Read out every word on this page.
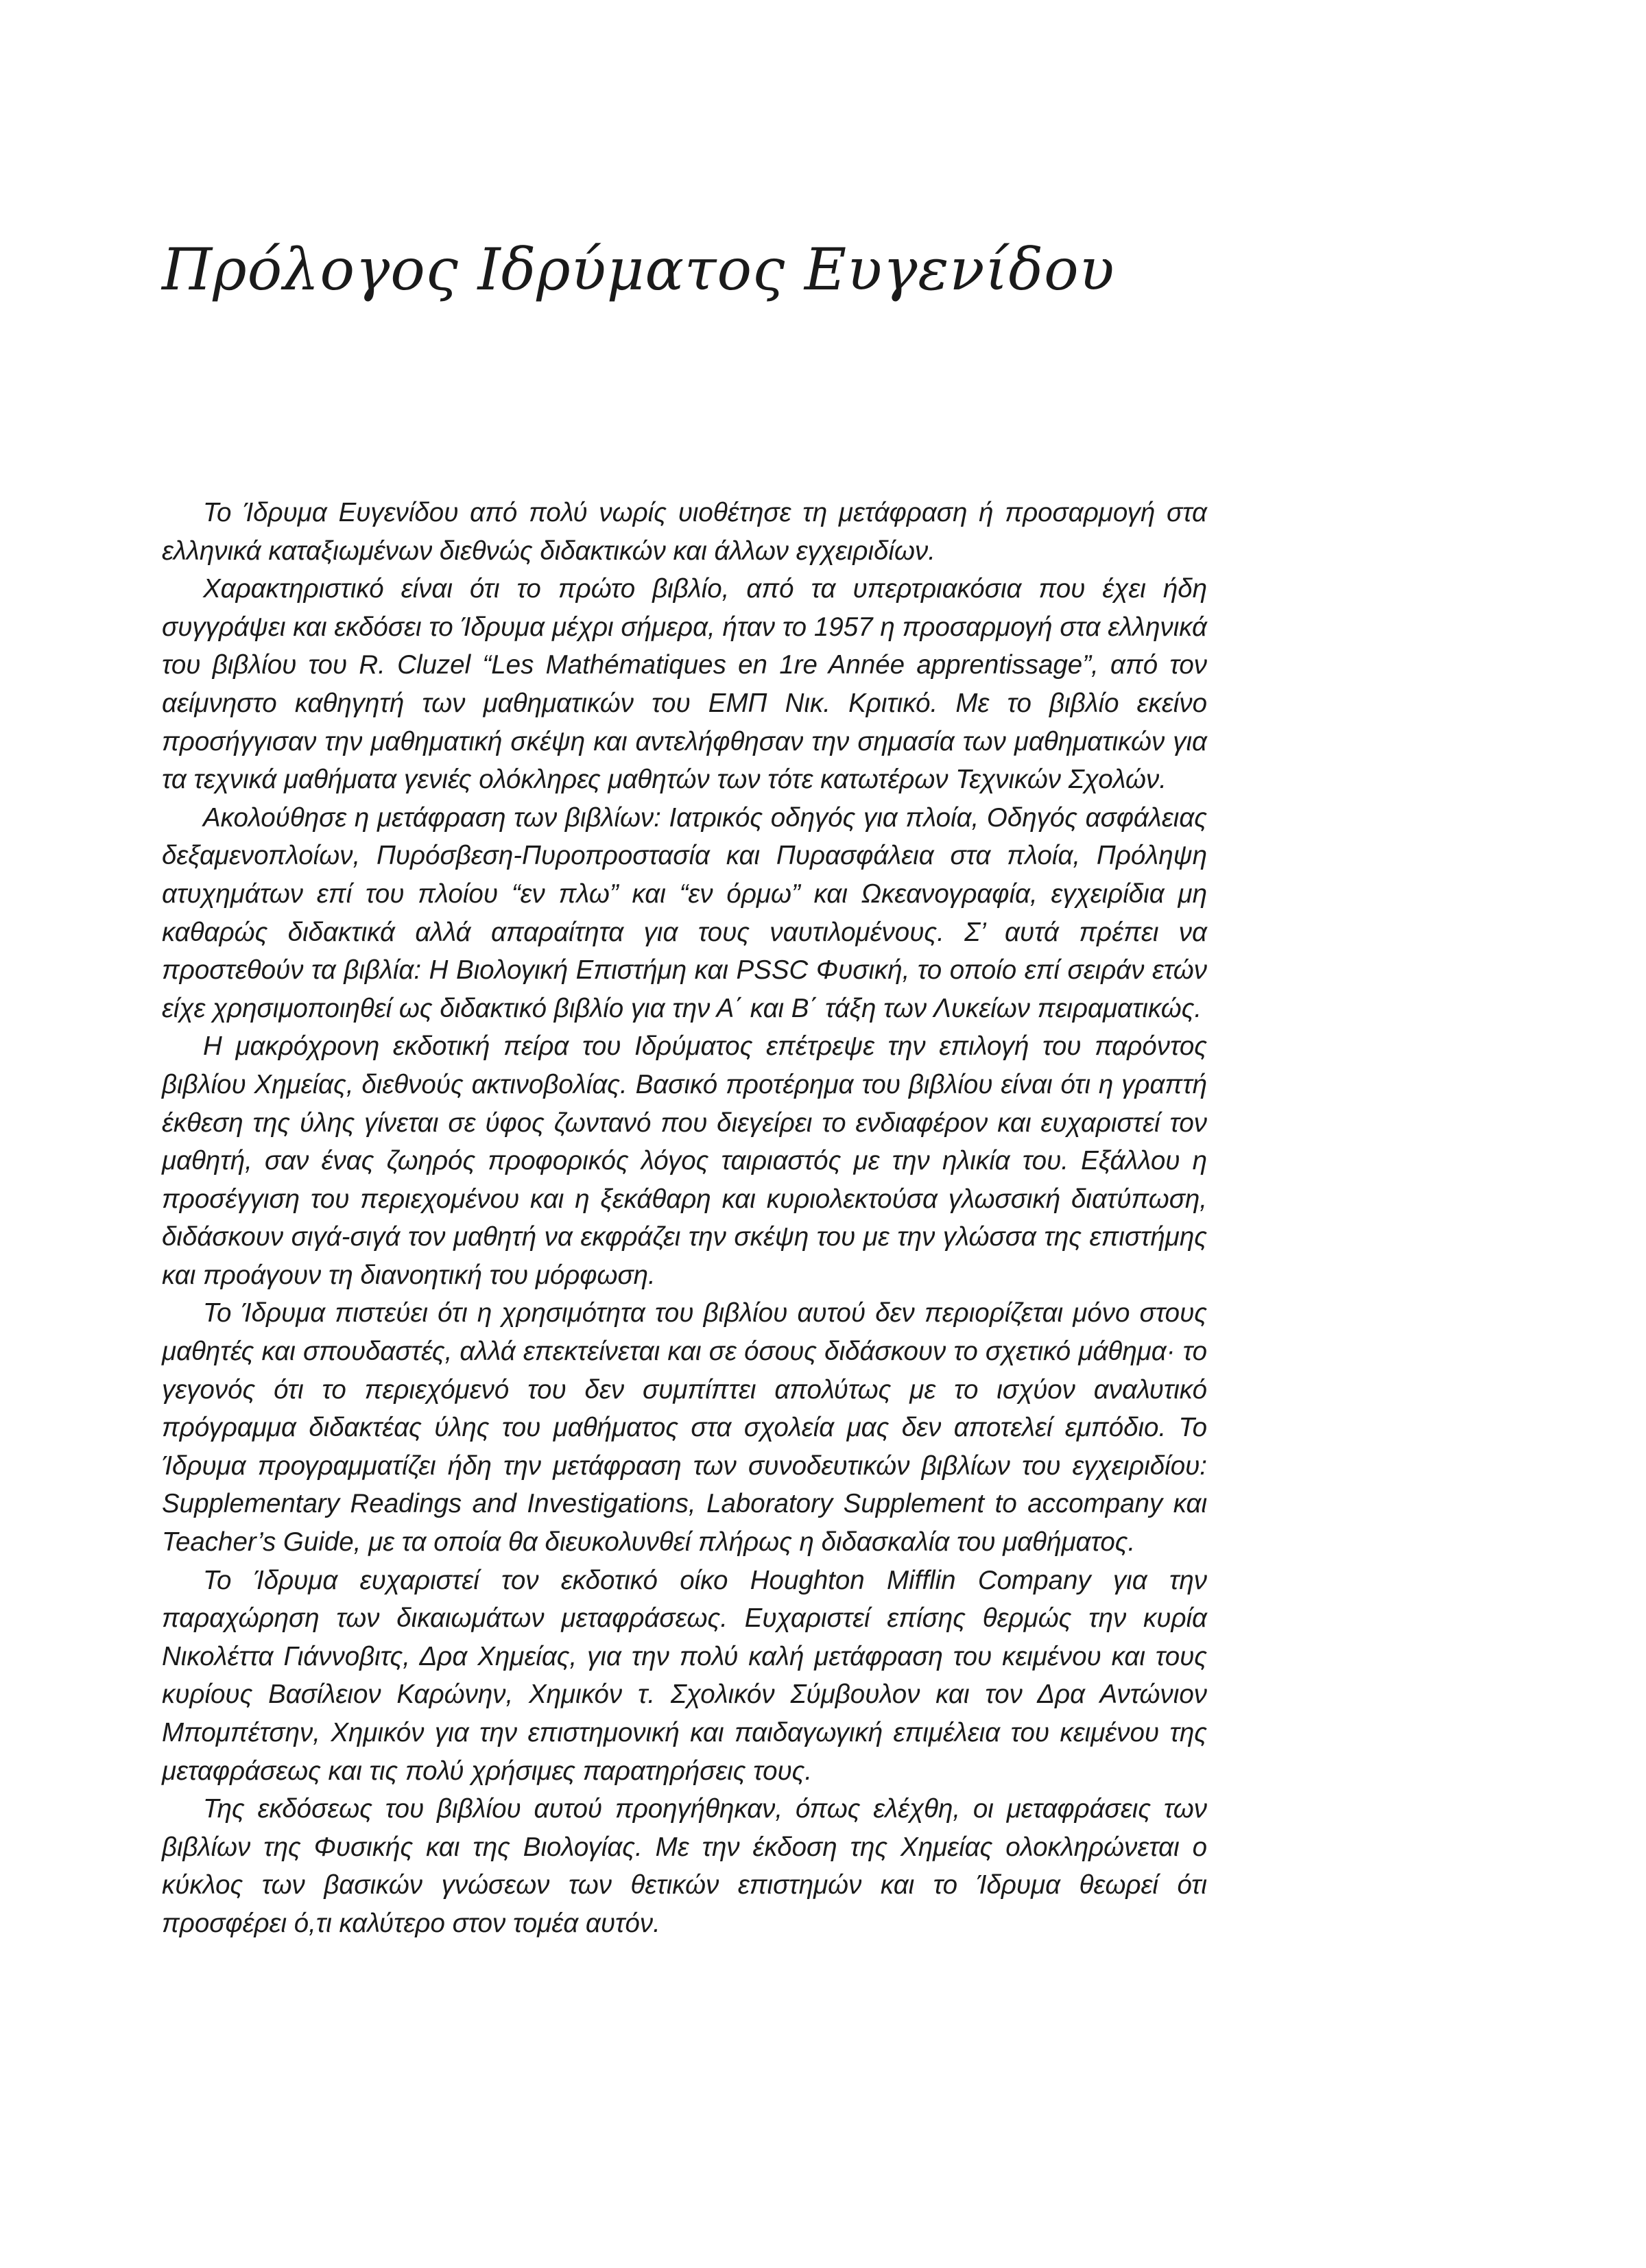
Πρόλογος Ιδρύματος Ευγενίδου

Το Ίδρυμα Ευγενίδου από πολύ νωρίς υιοθέτησε τη μετάφραση ή προσαρμογή στα ελληνικά καταξιωμένων διεθνώς διδακτικών και άλλων εγχειριδίων.

Χαρακτηριστικό είναι ότι το πρώτο βιβλίο, από τα υπερτριακόσια που έχει ήδη συγγράψει και εκδόσει το Ίδρυμα μέχρι σήμερα, ήταν το 1957 η προσαρμογή στα ελληνικά του βιβλίου του R. Cluzel “Les Mathématiques en 1re Année apprentissage”, από τον αείμνηστο καθηγητή των μαθηματικών του ΕΜΠ Νικ. Κριτικό. Με το βιβλίο εκείνο προσήγγισαν την μαθηματική σκέψη και αντελήφθησαν την σημασία των μαθηματικών για τα τεχνικά μαθήματα γενιές ολόκληρες μαθητών των τότε κατωτέρων Τεχνικών Σχολών.

Ακολούθησε η μετάφραση των βιβλίων: Ιατρικός οδηγός για πλοία, Οδηγός ασφάλειας δεξαμενοπλοίων, Πυρόσβεση-Πυροπροστασία και Πυρασφάλεια στα πλοία, Πρόληψη ατυχημάτων επί του πλοίου “εν πλω” και “εν όρμω” και Ωκεανογραφία, εγχειρίδια μη καθαρώς διδακτικά αλλά απαραίτητα για τους ναυτιλομένους. Σ’ αυτά πρέπει να προστεθούν τα βιβλία: Η Βιολογική Επιστήμη και PSSC Φυσική, το οποίο επί σειράν ετών είχε χρησιμοποιηθεί ως διδακτικό βιβλίο για την Α΄ και Β΄ τάξη των Λυκείων πειραματικώς.

Η μακρόχρονη εκδοτική πείρα του Ιδρύματος επέτρεψε την επιλογή του παρόντος βιβλίου Χημείας, διεθνούς ακτινοβολίας. Βασικό προτέρημα του βιβλίου είναι ότι η γραπτή έκθεση της ύλης γίνεται σε ύφος ζωντανό που διεγείρει το ενδιαφέρον και ευχαριστεί τον μαθητή, σαν ένας ζωηρός προφορικός λόγος ταιριαστός με την ηλικία του. Εξάλλου η προσέγγιση του περιεχομένου και η ξεκάθαρη και κυριολεκτούσα γλωσσική διατύπωση, διδάσκουν σιγά-σιγά τον μαθητή να εκφράζει την σκέψη του με την γλώσσα της επιστήμης και προάγουν τη διανοητική του μόρφωση.

Το Ίδρυμα πιστεύει ότι η χρησιμότητα του βιβλίου αυτού δεν περιορίζεται μόνο στους μαθητές και σπουδαστές, αλλά επεκτείνεται και σε όσους διδάσκουν το σχετικό μάθημα· το γεγονός ότι το περιεχόμενό του δεν συμπίπτει απολύτως με το ισχύον αναλυτικό πρόγραμμα διδακτέας ύλης του μαθήματος στα σχολεία μας δεν αποτελεί εμπόδιο. Το Ίδρυμα προγραμματίζει ήδη την μετάφραση των συνοδευτικών βιβλίων του εγχειριδίου: Supplementary Readings and Investigations, Laboratory Supplement to accompany και Teacher’s Guide, με τα οποία θα διευκολυνθεί πλήρως η διδασκαλία του μαθήματος.

Το Ίδρυμα ευχαριστεί τον εκδοτικό οίκο Houghton Mifflin Company για την παραχώρηση των δικαιωμάτων μεταφράσεως. Ευχαριστεί επίσης θερμώς την κυρία Νικολέττα Γιάννοβιτς, Δρα Χημείας, για την πολύ καλή μετάφραση του κειμένου και τους κυρίους Βασίλειον Καρώνην, Χημικόν τ. Σχολικόν Σύμβουλον και τον Δρα Αντώνιον Μπομπέτσην, Χημικόν για την επιστημονική και παιδαγωγική επιμέλεια του κειμένου της μεταφράσεως και τις πολύ χρήσιμες παρατηρήσεις τους.

Της εκδόσεως του βιβλίου αυτού προηγήθηκαν, όπως ελέχθη, οι μεταφράσεις των βιβλίων της Φυσικής και της Βιολογίας. Με την έκδοση της Χημείας ολοκληρώνεται ο κύκλος των βασικών γνώσεων των θετικών επιστημών και το Ίδρυμα θεωρεί ότι προσφέρει ό,τι καλύτερο στον τομέα αυτόν.
